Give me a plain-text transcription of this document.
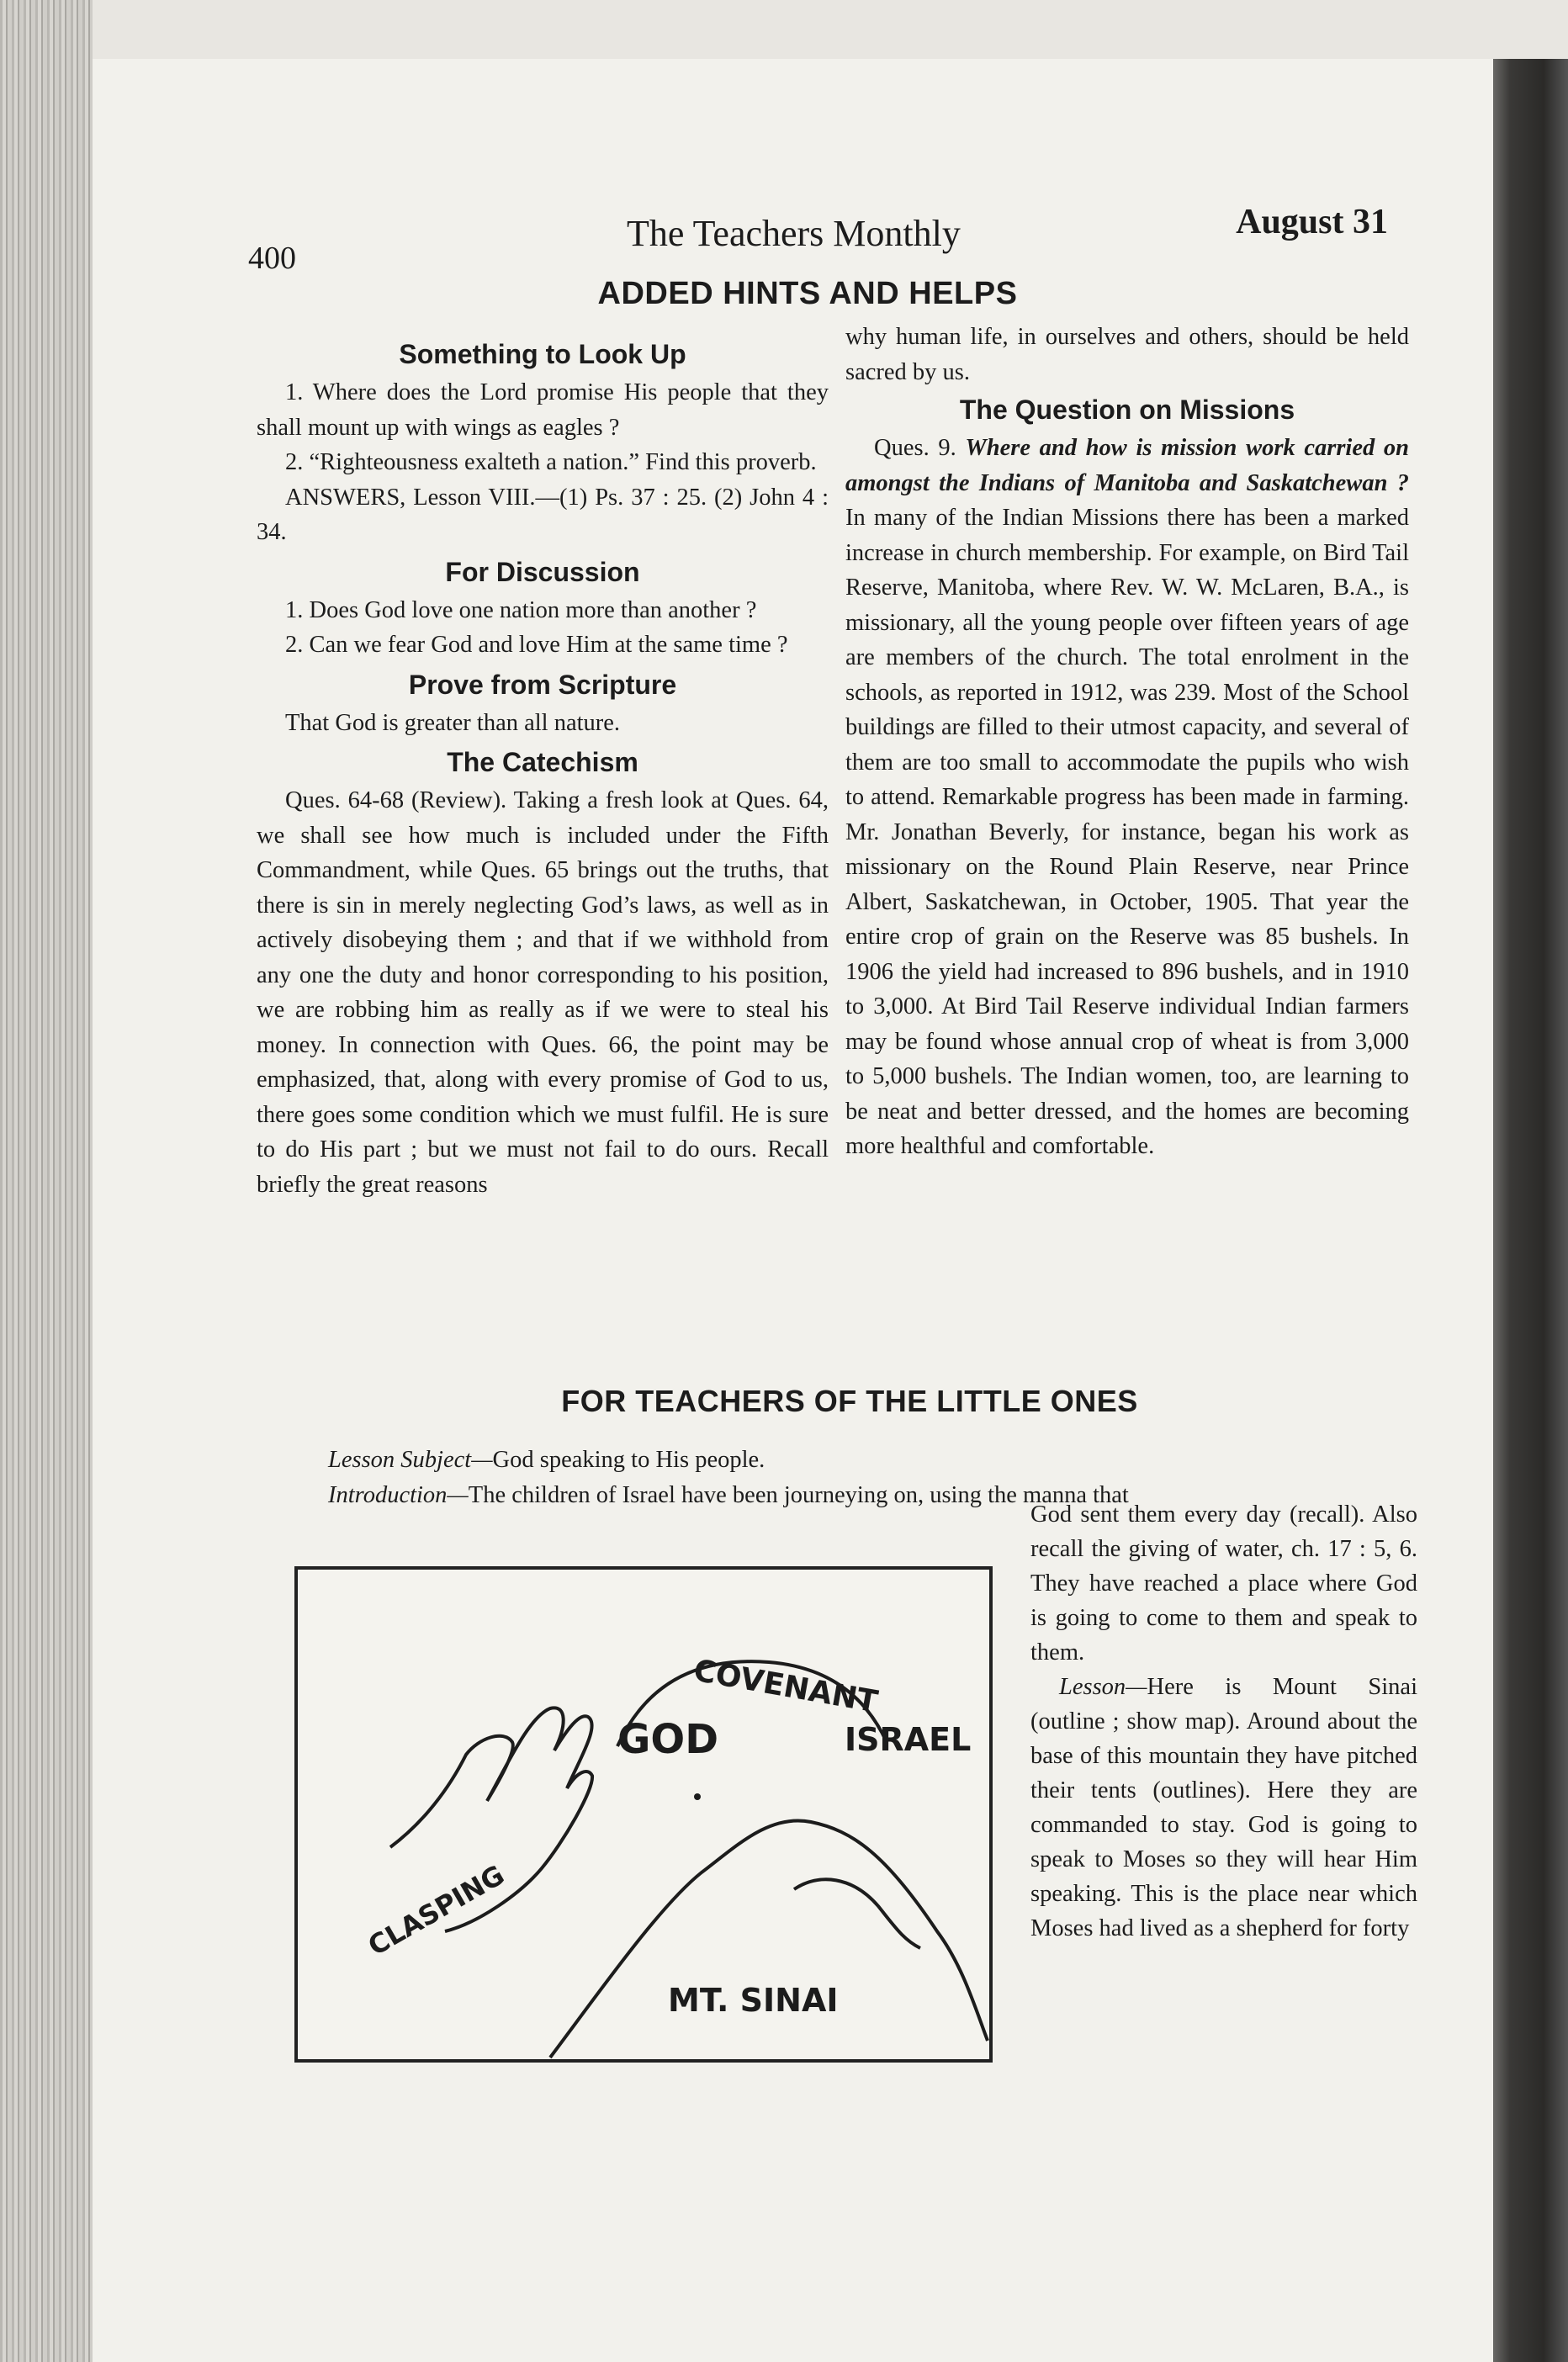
400
The Teachers Monthly	August 31
ADDED HINTS AND HELPS
Something to Look Up

1. Where does the Lord promise His people that they shall mount up with wings as eagles ?

2. “Righteousness exalteth a nation.” Find this proverb.

ANSWERS, Lesson VIII.—(1) Ps. 37 : 25. (2) John 4 : 34.

For Discussion

1. Does God love one nation more than another ?

2. Can we fear God and love Him at the same time ?

Prove from Scripture

That God is greater than all nature.

The Catechism

Ques. 64-68 (Review). Taking a fresh look at Ques. 64, we shall see how much is included under the Fifth Commandment, while Ques. 65 brings out the truths, that there is sin in merely neglecting God’s laws, as well as in actively disobeying them ; and that if we withhold from any one the duty and honor corresponding to his position, we are robbing him as really as if we were to steal his money. In connection with Ques. 66, the point may be emphasized, that, along with every promise of God to us, there goes some condition which we must fulfil. He is sure to do His part ; but we must not fail to do ours. Recall briefly the great reasons

why human life, in ourselves and others, should be held sacred by us.

The Question on Missions

Ques. 9. Where and how is mission work carried on amongst the Indians of Manitoba and Saskatchewan ? In many of the Indian Missions there has been a marked increase in church membership. For example, on Bird Tail Reserve, Manitoba, where Rev. W. W. McLaren, B.A., is missionary, all the young people over fifteen years of age are members of the church. The total enrolment in the schools, as reported in 1912, was 239. Most of the School buildings are filled to their utmost capacity, and several of them are too small to accommodate the pupils who wish to attend. Remarkable progress has been made in farming. Mr. Jonathan Beverly, for instance, began his work as missionary on the Round Plain Reserve, near Prince Albert, Saskatchewan, in October, 1905. That year the entire crop of grain on the Reserve was 85 bushels. In 1906 the yield had increased to 896 bushels, and in 1910 to 3,000. At Bird Tail Reserve individual Indian farmers may be found whose annual crop of wheat is from 3,000 to 5,000 bushels. The Indian women, too, are learning to be neat and better dressed, and the homes are becoming more healthful and comfortable.

FOR TEACHERS OF THE LITTLE ONES

Lesson Subject—God speaking to His people.

Introduction—The children of Israel have been journeying on, using the manna that

God sent them every day (recall). Also recall the giving of water, ch. 17 : 5, 6. They have reached a place where God is going to come to them and speak to them.

Lesson—Here is Mount Sinai (outline ; show map). Around about the base of this mountain they have pitched their tents (outlines). Here they are commanded to stay. God is going to speak to Moses so they will hear Him speaking. This is the place near which Moses had lived as a shepherd for forty

COVENANT
GOD	ISRAEL
CLASPING
MT. SINAI
